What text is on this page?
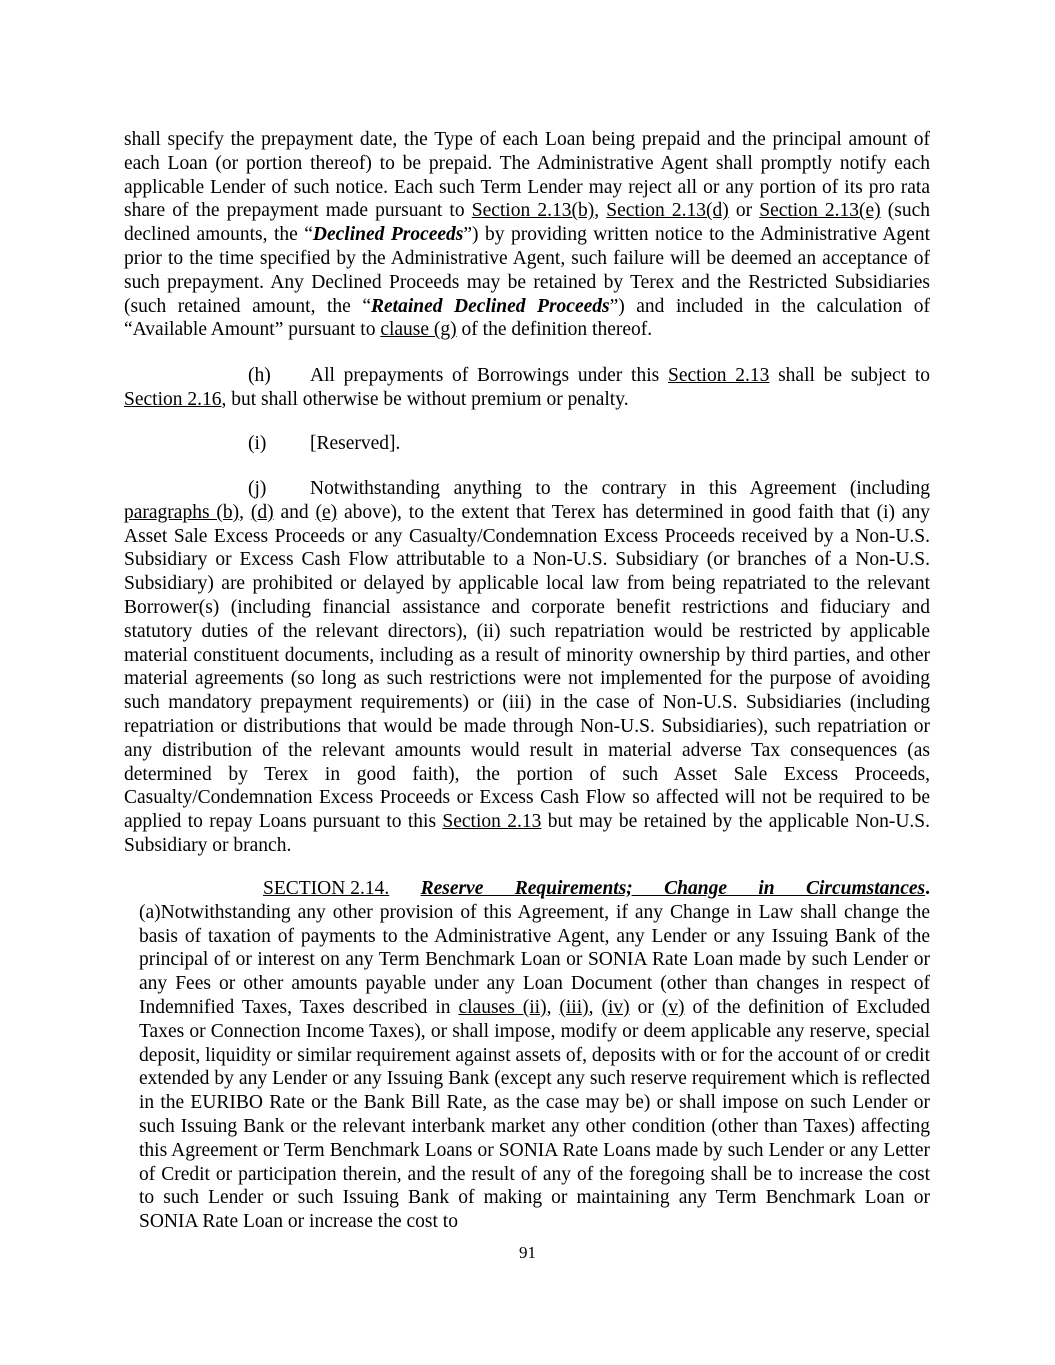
shall specify the prepayment date, the Type of each Loan being prepaid and the principal amount of each Loan (or portion thereof) to be prepaid. The Administrative Agent shall promptly notify each applicable Lender of such notice. Each such Term Lender may reject all or any portion of its pro rata share of the prepayment made pursuant to Section 2.13(b), Section 2.13(d) or Section 2.13(e) (such declined amounts, the “Declined Proceeds”) by providing written notice to the Administrative Agent prior to the time specified by the Administrative Agent, such failure will be deemed an acceptance of such prepayment. Any Declined Proceeds may be retained by Terex and the Restricted Subsidiaries (such retained amount, the “Retained Declined Proceeds”) and included in the calculation of “Available Amount” pursuant to clause (g) of the definition thereof.

(h) All prepayments of Borrowings under this Section 2.13 shall be subject to Section 2.16, but shall otherwise be without premium or penalty.

(i) [Reserved].

(j) Notwithstanding anything to the contrary in this Agreement (including paragraphs (b), (d) and (e) above), to the extent that Terex has determined in good faith that (i) any Asset Sale Excess Proceeds or any Casualty/Condemnation Excess Proceeds received by a Non-U.S. Subsidiary or Excess Cash Flow attributable to a Non-U.S. Subsidiary (or branches of a Non-U.S. Subsidiary) are prohibited or delayed by applicable local law from being repatriated to the relevant Borrower(s) (including financial assistance and corporate benefit restrictions and fiduciary and statutory duties of the relevant directors), (ii) such repatriation would be restricted by applicable material constituent documents, including as a result of minority ownership by third parties, and other material agreements (so long as such restrictions were not implemented for the purpose of avoiding such mandatory prepayment requirements) or (iii) in the case of Non-U.S. Subsidiaries (including repatriation or distributions that would be made through Non-U.S. Subsidiaries), such repatriation or any distribution of the relevant amounts would result in material adverse Tax consequences (as determined by Terex in good faith), the portion of such Asset Sale Excess Proceeds, Casualty/Condemnation Excess Proceeds or Excess Cash Flow so affected will not be required to be applied to repay Loans pursuant to this Section 2.13 but may be retained by the applicable Non-U.S. Subsidiary or branch.

SECTION 2.14. Reserve Requirements; Change in Circumstances.
(a)Notwithstanding any other provision of this Agreement, if any Change in Law shall change the basis of taxation of payments to the Administrative Agent, any Lender or any Issuing Bank of the principal of or interest on any Term Benchmark Loan or SONIA Rate Loan made by such Lender or any Fees or other amounts payable under any Loan Document (other than changes in respect of Indemnified Taxes, Taxes described in clauses (ii), (iii), (iv) or (v) of the definition of Excluded Taxes or Connection Income Taxes), or shall impose, modify or deem applicable any reserve, special deposit, liquidity or similar requirement against assets of, deposits with or for the account of or credit extended by any Lender or any Issuing Bank (except any such reserve requirement which is reflected in the EURIBO Rate or the Bank Bill Rate, as the case may be) or shall impose on such Lender or such Issuing Bank or the relevant interbank market any other condition (other than Taxes) affecting this Agreement or Term Benchmark Loans or SONIA Rate Loans made by such Lender or any Letter of Credit or participation therein, and the result of any of the foregoing shall be to increase the cost to such Lender or such Issuing Bank of making or maintaining any Term Benchmark Loan or SONIA Rate Loan or increase the cost to
91
